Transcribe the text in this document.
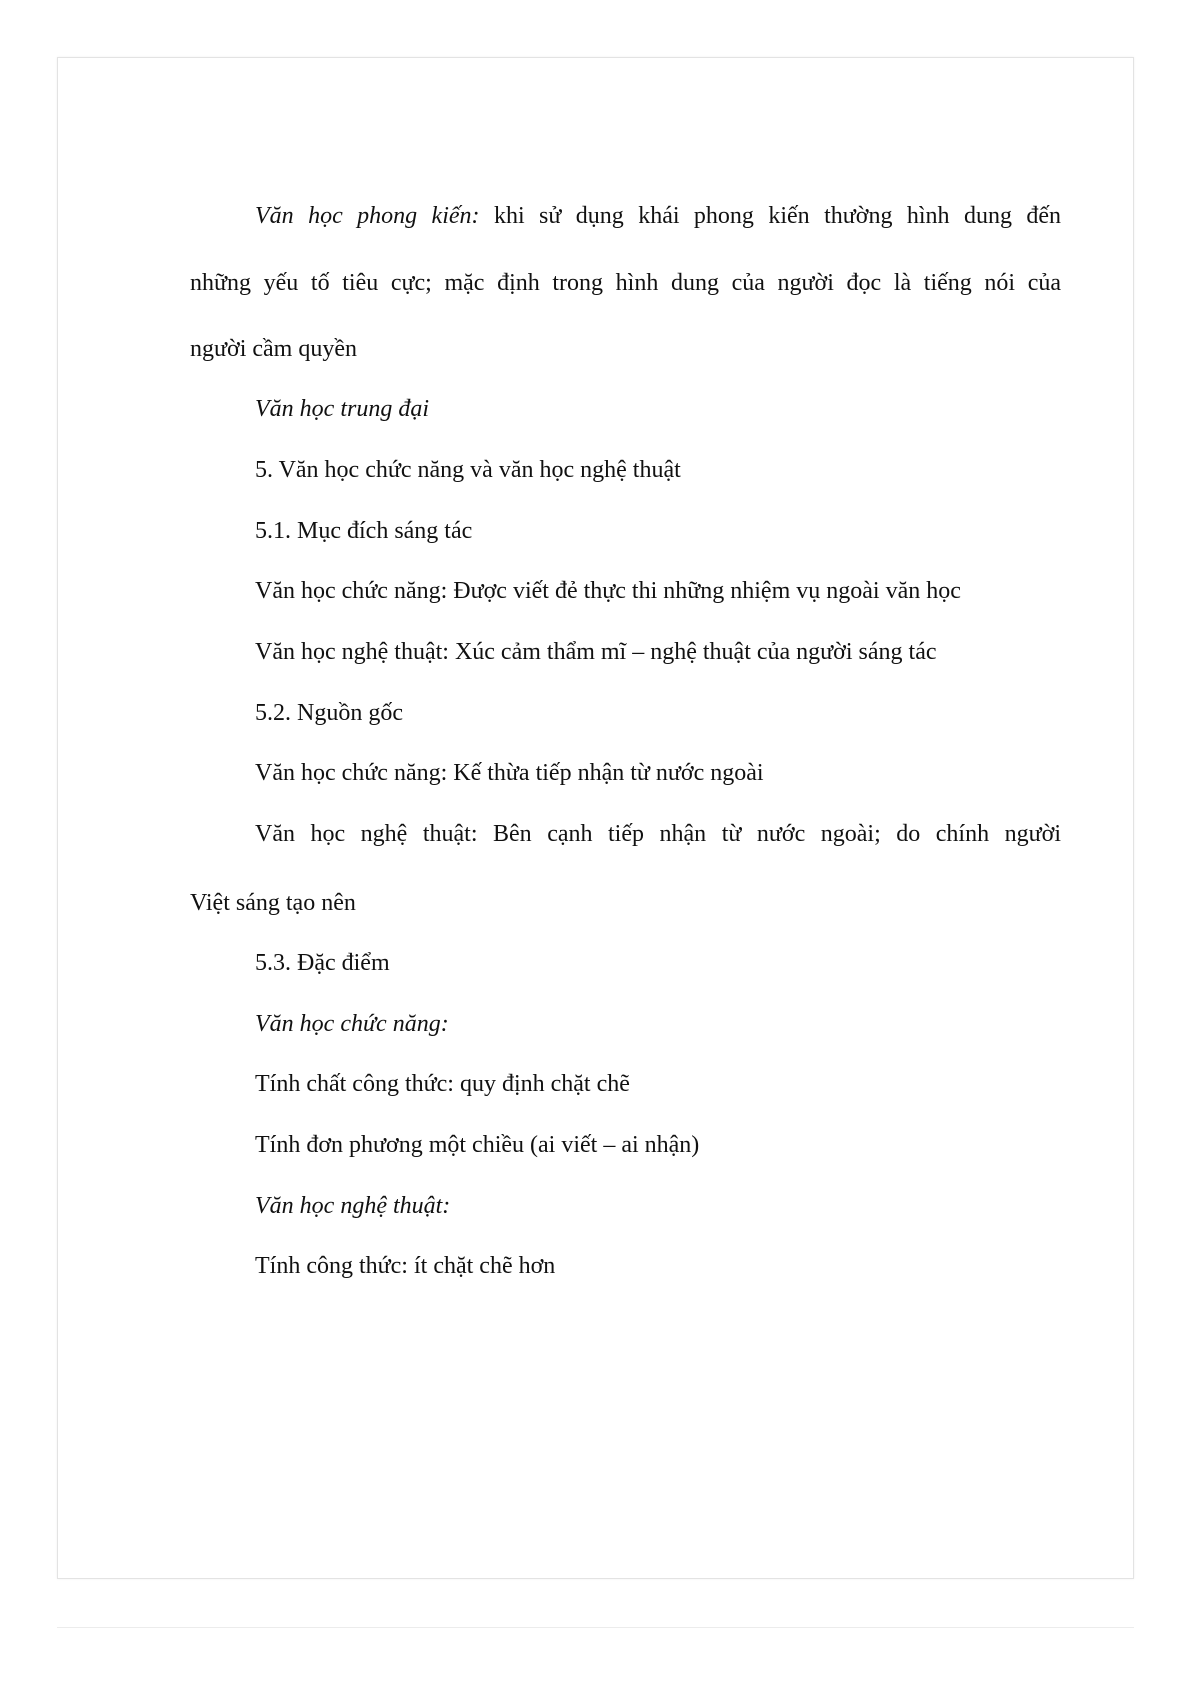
Văn học phong kiến: khi sử dụng khái phong kiến thường hình dung đến

những yếu tố tiêu cực; mặc định trong hình dung của người đọc là tiếng nói của

người cầm quyền

Văn học trung đại

5. Văn học chức năng và văn học nghệ thuật

5.1. Mục đích sáng tác

Văn học chức năng: Được viết đẻ thực thi những nhiệm vụ ngoài văn học

Văn học nghệ thuật: Xúc cảm thẩm mĩ – nghệ thuật của người sáng tác

5.2. Nguồn gốc

Văn học chức năng: Kế thừa tiếp nhận từ nước ngoài

Văn học nghệ thuật: Bên cạnh tiếp nhận từ nước ngoài; do chính người

Việt sáng tạo nên

5.3. Đặc điểm

Văn học chức năng:

Tính chất công thức: quy định chặt chẽ

Tính đơn phương một chiều (ai viết – ai nhận)

Văn học nghệ thuật:

Tính công thức: ít chặt chẽ hơn
